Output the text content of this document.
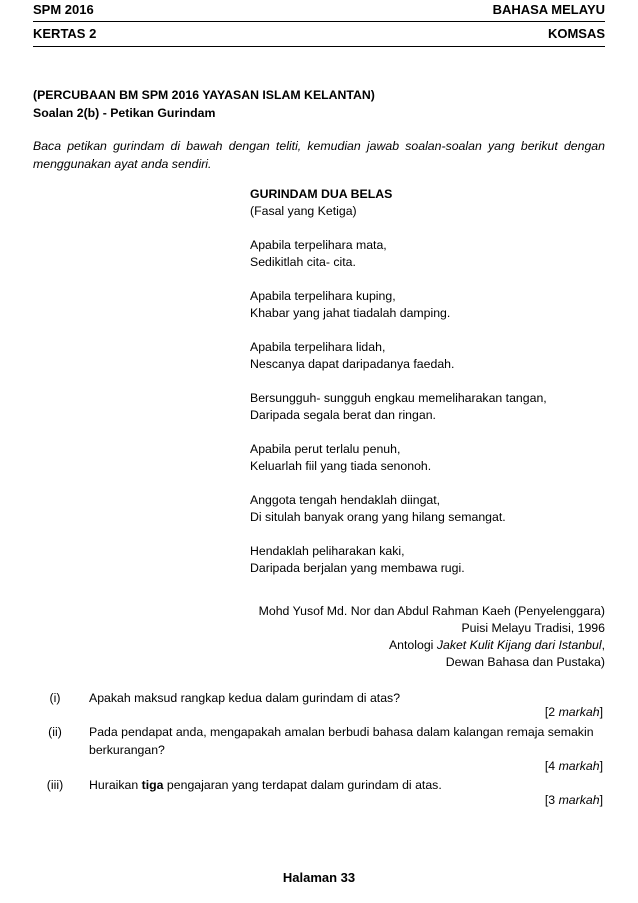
SPM 2016	BAHASA MELAYU
KERTAS 2	KOMSAS
(PERCUBAAN BM SPM 2016 YAYASAN ISLAM KELANTAN)
Soalan 2(b) - Petikan Gurindam
Baca petikan gurindam di bawah dengan teliti, kemudian jawab soalan-soalan yang berikut dengan menggunakan ayat anda sendiri.
GURINDAM DUA BELAS
(Fasal yang Ketiga)
Apabila terpelihara mata,
Sedikitlah cita- cita.
Apabila terpelihara kuping,
Khabar yang jahat tiadalah damping.
Apabila terpelihara lidah,
Nescanya dapat daripadanya faedah.
Bersungguh- sungguh engkau memeliharakan tangan,
Daripada segala berat dan ringan.
Apabila perut terlalu penuh,
Keluarlah fiil yang tiada senonoh.
Anggota tengah hendaklah diingat,
Di situlah banyak orang yang hilang semangat.
Hendaklah peliharakan kaki,
Daripada berjalan yang membawa rugi.
Mohd Yusof Md. Nor dan Abdul Rahman Kaeh (Penyelenggara)
Puisi Melayu Tradisi, 1996
Antologi Jaket Kulit Kijang dari Istanbul,
Dewan Bahasa dan Pustaka)
(i)	Apakah maksud rangkap kedua dalam gurindam di atas?
[2 markah]
(ii)	Pada pendapat anda, mengapakah amalan berbudi bahasa dalam kalangan remaja semakin berkurangan?
[4 markah]
(iii)	Huraikan tiga pengajaran yang terdapat dalam gurindam di atas.
[3 markah]
Halaman 33
